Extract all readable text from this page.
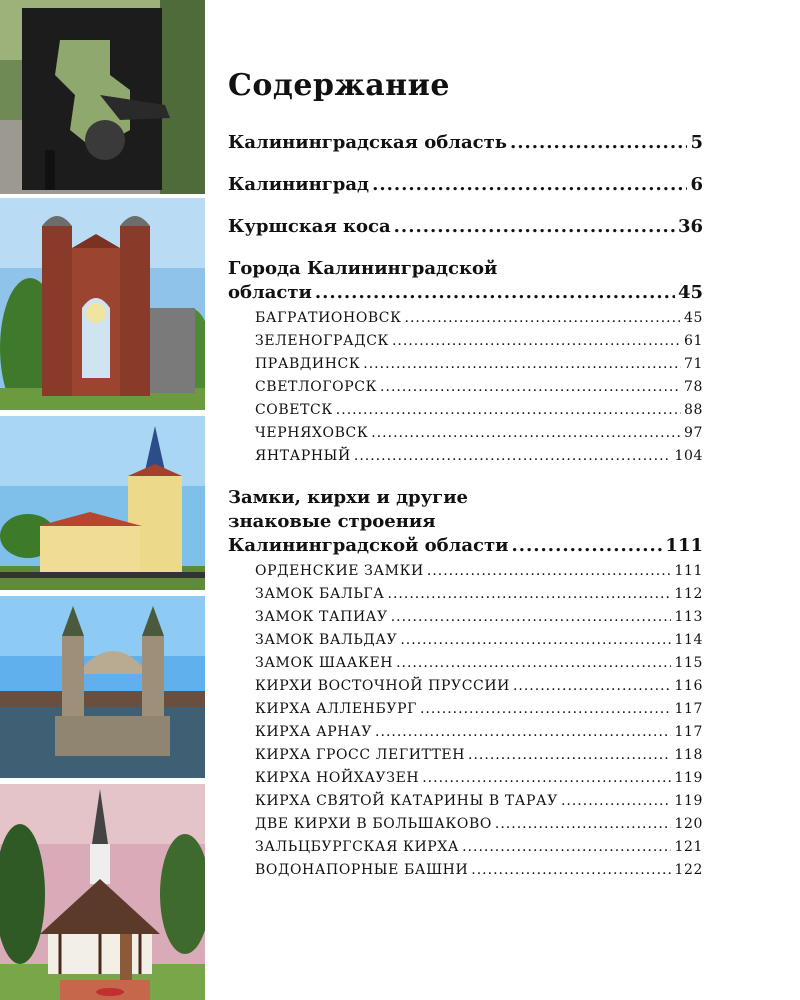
Содержание
Калининградская область .....	5
Калининград .....	6
Куршская коса .....	36
Города Калининградской
области .....	45
БАГРАТИОНОВСК .....	45
ЗЕЛЕНОГРАДСК .....	61
ПРАВДИНСК .....	71
СВЕТЛОГОРСК .....	78
СОВЕТСК .....	88
ЧЕРНЯХОВСК .....	97
ЯНТАРНЫЙ .....	104
Замки, кирхи и другие
знаковые строения
Калининградской области .....	111
ОРДЕНСКИЕ ЗАМКИ .....	111
ЗАМОК БАЛЬГА .....	112
ЗАМОК ТАПИАУ .....	113
ЗАМОК ВАЛЬДАУ .....	114
ЗАМОК ШААКЕН .....	115
КИРХИ ВОСТОЧНОЙ ПРУССИИ .....	116
КИРХА АЛЛЕНБУРГ .....	117
КИРХА АРНАУ .....	117
КИРХА ГРОСС ЛЕГИТТЕН .....	118
КИРХА НОЙХАУЗЕН .....	119
КИРХА СВЯТОЙ КАТАРИНЫ В ТАРАУ .....	119
ДВЕ КИРХИ В БОЛЬШАКОВО .....	120
ЗАЛЬЦБУРГСКАЯ КИРХА .....	121
ВОДОНАПОРНЫЕ БАШНИ .....	122
